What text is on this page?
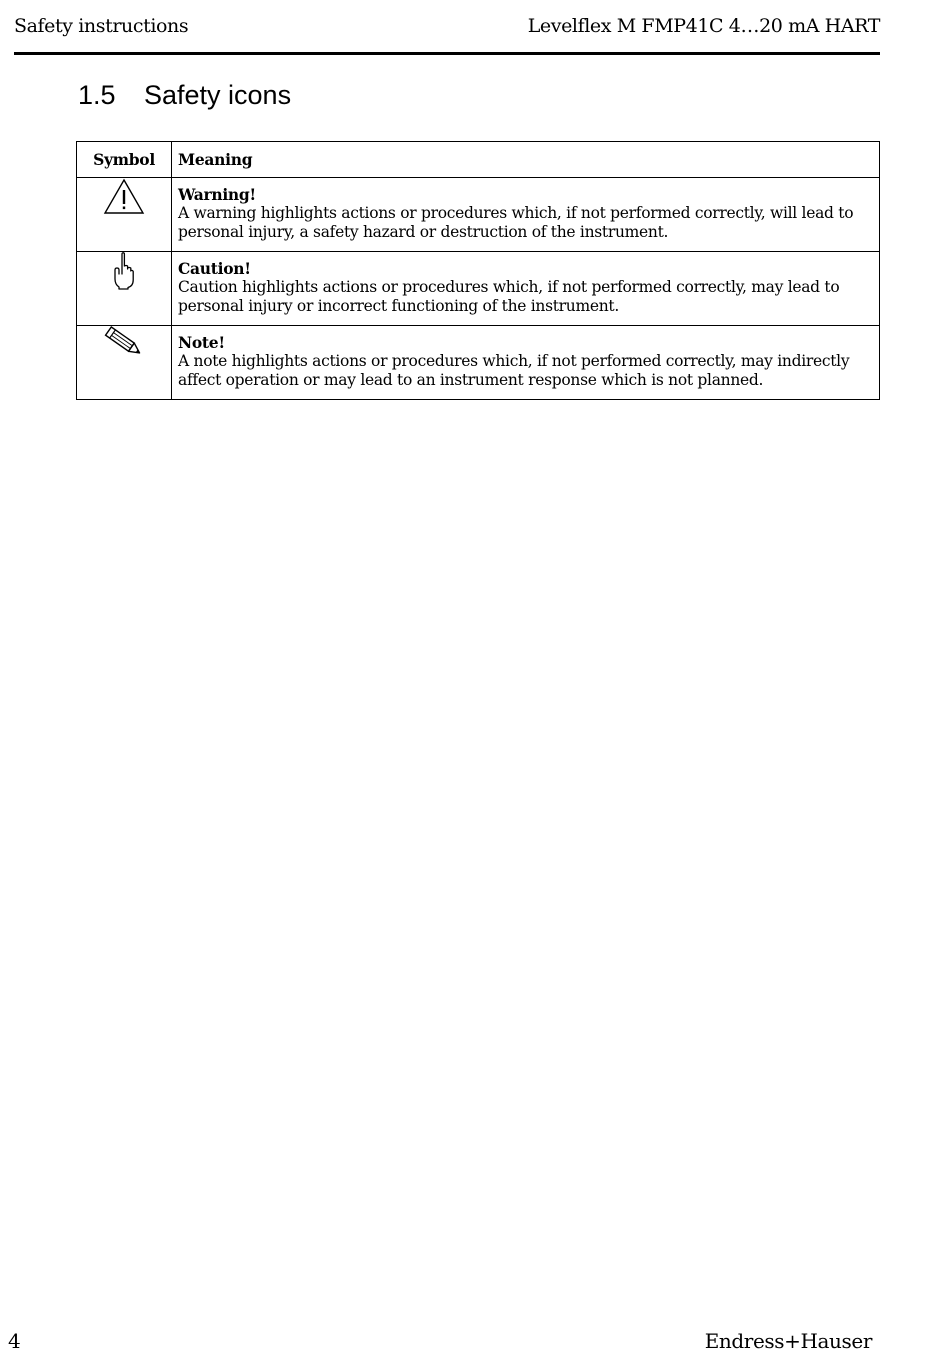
Safety instructions	Levelflex M FMP41C 4…20 mA HART
1.5	Safety icons
Symbol	Meaning

Warning!
A warning highlights actions or procedures which, if not performed correctly, will lead to personal injury, a safety hazard or destruction of the instrument.

Caution!
Caution highlights actions or procedures which, if not performed correctly, may lead to personal injury or incorrect functioning of the instrument.

Note!
A note highlights actions or procedures which, if not performed correctly, may indirectly affect operation or may lead to an instrument response which is not planned.
4	Endress+Hauser
